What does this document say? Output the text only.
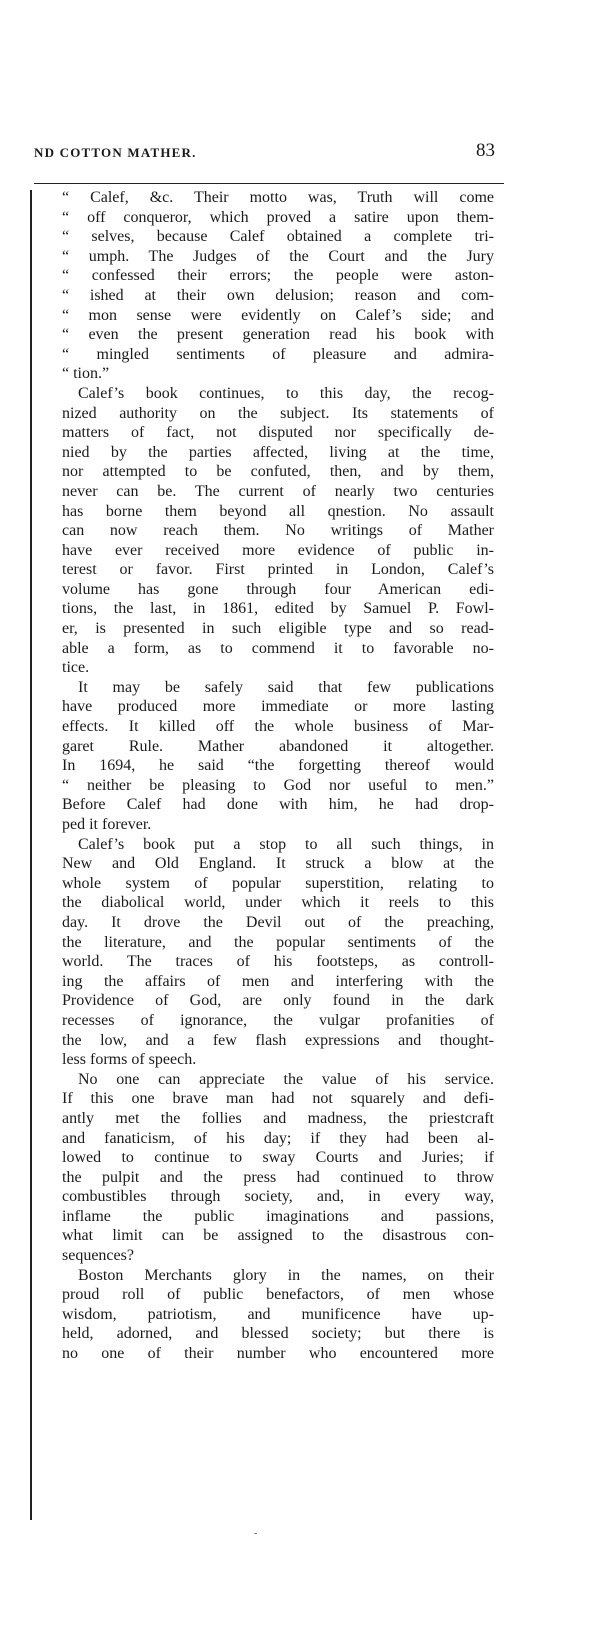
ND COTTON MATHER.	83
“ Calef, &c. Their motto was, Truth will come
“ off conqueror, which proved a satire upon them-
“ selves, because Calef obtained a complete tri-
“ umph. The Judges of the Court and the Jury
“ confessed their errors; the people were aston-
“ ished at their own delusion; reason and com-
“ mon sense were evidently on Calef’s side; and
“ even the present generation read his book with
“ mingled sentiments of pleasure and admira-
“ tion.”
Calef’s book continues, to this day, the recog-
nized authority on the subject. Its statements of
matters of fact, not disputed nor specifically de-
nied by the parties affected, living at the time,
nor attempted to be confuted, then, and by them,
never can be. The current of nearly two centuries
has borne them beyond all qnestion. No assault
can now reach them. No writings of Mather
have ever received more evidence of public in-
terest or favor. First printed in London, Calef’s
volume has gone through four American edi-
tions, the last, in 1861, edited by Samuel P. Fowl-
er, is presented in such eligible type and so read-
able a form, as to commend it to favorable no-
tice.
It may be safely said that few publications
have produced more immediate or more lasting
effects. It killed off the whole business of Mar-
garet Rule. Mather abandoned it altogether.
In 1694, he said “the forgetting thereof would
“ neither be pleasing to God nor useful to men.”
Before Calef had done with him, he had drop-
ped it forever.
Calef’s book put a stop to all such things, in
New and Old England. It struck a blow at the
whole system of popular superstition, relating to
the diabolical world, under which it reels to this
day. It drove the Devil out of the preaching,
the literature, and the popular sentiments of the
world. The traces of his footsteps, as controll-
ing the affairs of men and interfering with the
Providence of God, are only found in the dark
recesses of ignorance, the vulgar profanities of
the low, and a few flash expressions and thought-
less forms of speech.
No one can appreciate the value of his service.
If this one brave man had not squarely and defi-
antly met the follies and madness, the priestcraft
and fanaticism, of his day; if they had been al-
lowed to continue to sway Courts and Juries; if
the pulpit and the press had continued to throw
combustibles through society, and, in every way,
inflame the public imaginations and passions,
what limit can be assigned to the disastrous con-
sequences?
Boston Merchants glory in the names, on their
proud roll of public benefactors, of men whose
wisdom, patriotism, and munificence have up-
held, adorned, and blessed society; but there is
no one of their number who encountered more
-
